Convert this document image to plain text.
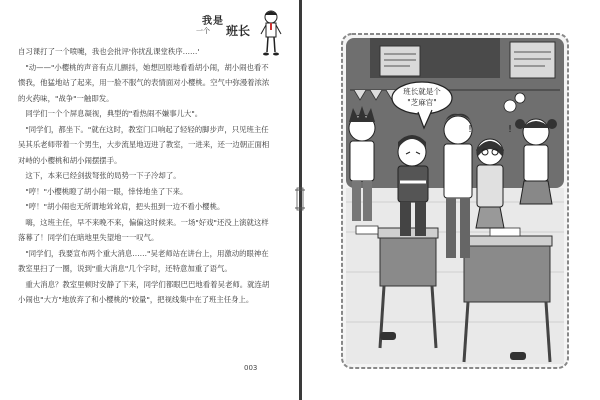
我是
一个 班长

自习课打了一个喷嚏，我也会批评'你扰乱课堂秩序……'

"动——"小樱桃的声音有点儿颤抖，她想回原地看看胡小闹，胡小闹也看不惯我，他猛地站了起来，用一脸不服气的表情面对小樱桃。空气中弥漫着浓浓的火药味，"战争"一触即发。

同学们一个个屏息凝视，典型的"看热闹不嫌事儿大"。

"同学们，都坐下。"就在这时，教室门口响起了轻轻的脚步声，只见班主任吴其乐老师带着一个男生，大步流星地迈进了教室，一进来，还一边朝正面相对峙的小樱桃和胡小闹摆摆手。

这下，本来已经剑拔弩张的局势一下子冷却了。

"哼！"小樱桃瞪了胡小闹一眼，悻悻地坐了下来。

"哼！"胡小闹也无所谓地耸耸肩，把头扭到一边不看小樱桃。

嗨，这班主任，早不来晚不来，偏偏这时候来。一场"好戏"还没上演就这样落幕了！同学们在暗地里失望地一一叹气。

"同学们，我要宣布两个重大消息……"吴老师站在讲台上，用激动的眼神在教室里扫了一圈，说到"重大消息"几个字时，还特意加重了语气。

重大消息？教室里顿时安静了下来，同学们都眼巴巴地看着吴老师。就连胡小闹也"大方"地放弃了和小樱桃的"较量"，把视线集中在了班主任身上。

003
!	!
班长就是个
"芝麻官"
